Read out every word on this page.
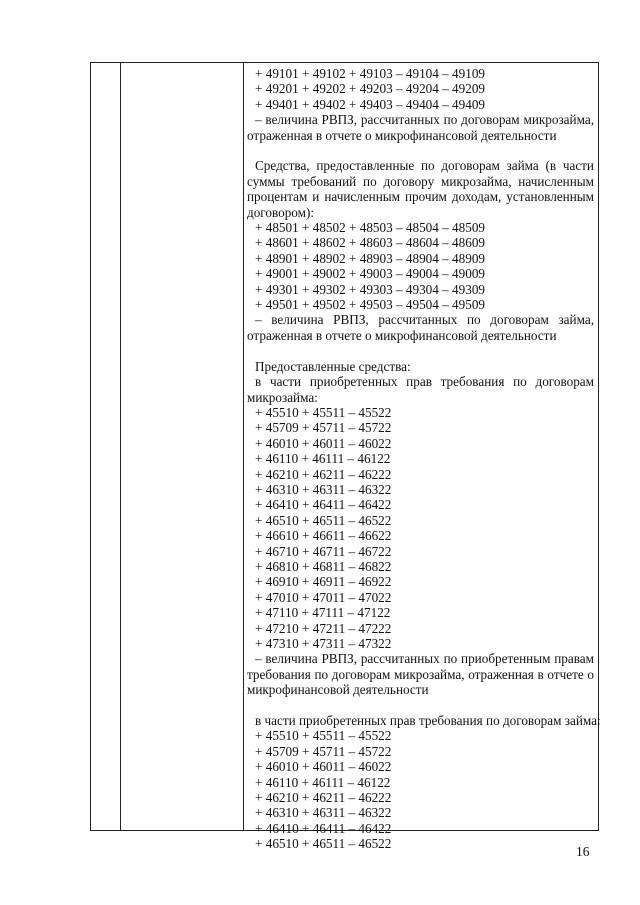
+ 49101 + 49102 + 49103 – 49104 – 49109
+ 49201 + 49202 + 49203 – 49204 – 49209
+ 49401 + 49402 + 49403 – 49404 – 49409
– величина РВПЗ, рассчитанных по договорам микрозайма, отраженная в отчете о микрофинансовой деятельности
Средства, предоставленные по договорам займа (в части суммы требований по договору микрозайма, начисленным процентам и начисленным прочим доходам, установленным договором):
+ 48501 + 48502 + 48503 – 48504 – 48509
+ 48601 + 48602 + 48603 – 48604 – 48609
+ 48901 + 48902 + 48903 – 48904 – 48909
+ 49001 + 49002 + 49003 – 49004 – 49009
+ 49301 + 49302 + 49303 – 49304 – 49309
+ 49501 + 49502 + 49503 – 49504 – 49509
– величина РВПЗ, рассчитанных по договорам займа, отраженная в отчете о микрофинансовой деятельности
Предоставленные средства:
в части приобретенных прав требования по договорам микрозайма:
+ 45510 + 45511 – 45522
+ 45709 + 45711 – 45722
+ 46010 + 46011 – 46022
+ 46110 + 46111 – 46122
+ 46210 + 46211 – 46222
+ 46310 + 46311 – 46322
+ 46410 + 46411 – 46422
+ 46510 + 46511 – 46522
+ 46610 + 46611 – 46622
+ 46710 + 46711 – 46722
+ 46810 + 46811 – 46822
+ 46910 + 46911 – 46922
+ 47010 + 47011 – 47022
+ 47110 + 47111 – 47122
+ 47210 + 47211 – 47222
+ 47310 + 47311 – 47322
– величина РВПЗ, рассчитанных по приобретенным правам требования по договорам микрозайма, отраженная в отчете о микрофинансовой деятельности
в части приобретенных прав требования по договорам займа:
+ 45510 + 45511 – 45522
+ 45709 + 45711 – 45722
+ 46010 + 46011 – 46022
+ 46110 + 46111 – 46122
+ 46210 + 46211 – 46222
+ 46310 + 46311 – 46322
+ 46410 + 46411 – 46422
+ 46510 + 46511 – 46522
16
